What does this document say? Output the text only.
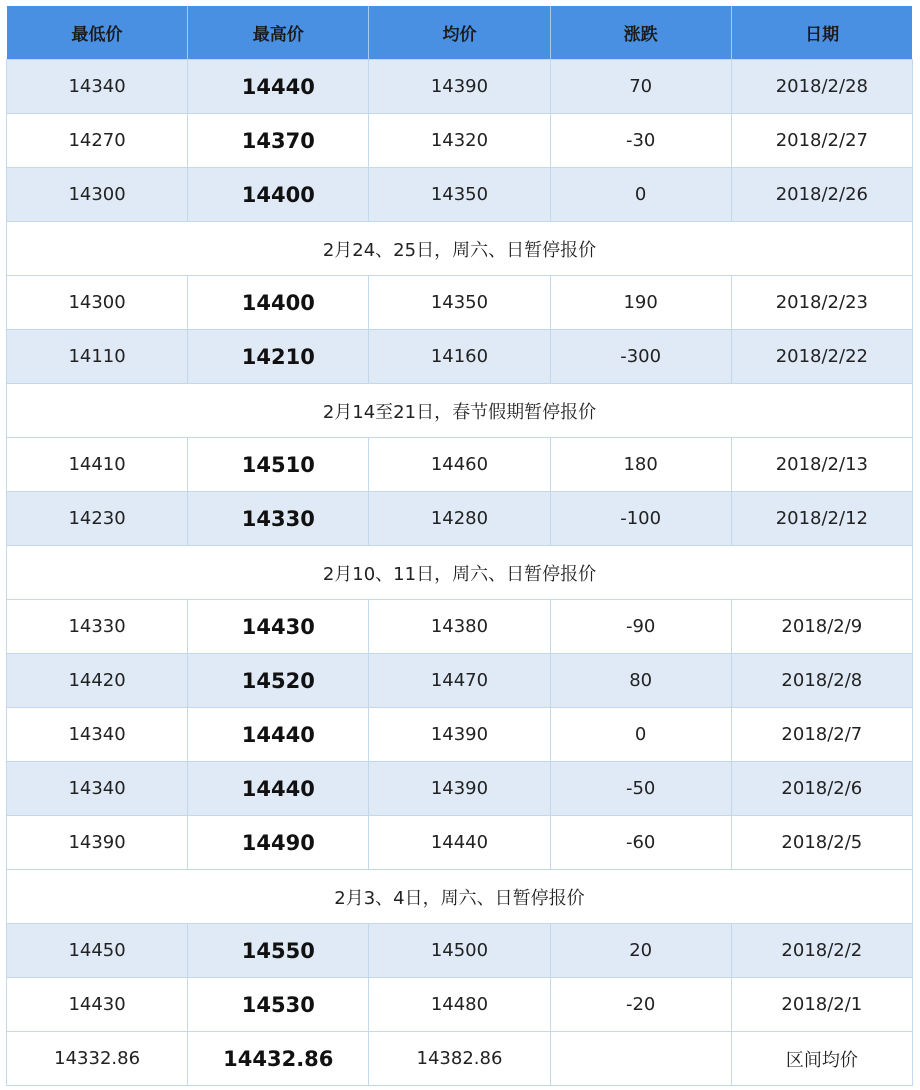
最低价	最高价	均价	涨跌	日期
14340	14440	14390	70	2018/2/28
14270	14370	14320	-30	2018/2/27
14300	14400	14350	0	2018/2/26
2月24、25日，周六、日暂停报价				
14300	14400	14350	190	2018/2/23
14110	14210	14160	-300	2018/2/22
2月14至21日，春节假期暂停报价				
14410	14510	14460	180	2018/2/13
14230	14330	14280	-100	2018/2/12
2月10、11日，周六、日暂停报价				
14330	14430	14380	-90	2018/2/9
14420	14520	14470	80	2018/2/8
14340	14440	14390	0	2018/2/7
14340	14440	14390	-50	2018/2/6
14390	14490	14440	-60	2018/2/5
2月3、4日，周六、日暂停报价				
14450	14550	14500	20	2018/2/2
14430	14530	14480	-20	2018/2/1
14332.86	14432.86	14382.86		区间均价
